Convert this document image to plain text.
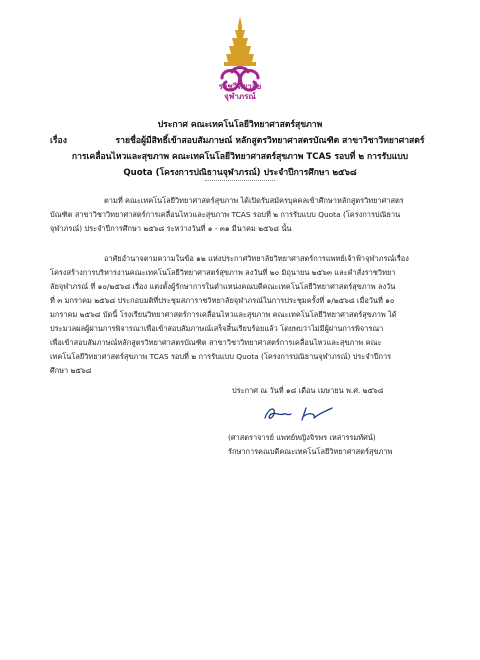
ราชวิทยาลัย
จุฬาภรณ์
ประกาศ คณะเทคโนโลยีวิทยาศาสตร์สุขภาพ
เรื่อง	รายชื่อผู้มีสิทธิ์เข้าสอบสัมภาษณ์ หลักสูตรวิทยาศาสตรบัณฑิต สาขาวิชาวิทยาศาสตร์
การเคลื่อนไหวและสุขภาพ คณะเทคโนโลยีวิทยาศาสตร์สุขภาพ TCAS รอบที่ ๒ การรับแบบ
Quota (โครงการปณิธานจุฬาภรณ์) ประจำปีการศึกษา ๒๕๖๘
ตามที่ คณะเทคโนโลยีวิทยาศาสตร์สุขภาพ ได้เปิดรับสมัครบุคคลเข้าศึกษาหลักสูตรวิทยาศาสตร
บัณฑิต สาขาวิชาวิทยาศาสตร์การเคลื่อนไหวและสุขภาพ TCAS รอบที่ ๒ การรับแบบ Quota (โครงการปณิธาน
จุฬาภรณ์) ประจำปีการศึกษา ๒๕๖๘ ระหว่างวันที่ ๑ - ๓๑ มีนาคม ๒๕๖๘ นั้น
อาศัยอำนาจตามความในข้อ ๑๒ แห่งประกาศวิทยาลัยวิทยาศาสตร์การแพทย์เจ้าฟ้าจุฬาภรณ์เรื่อง
โครงสร้างการบริหารงานคณะเทคโนโลยีวิทยาศาสตร์สุขภาพ ลงวันที่ ๒๐ มิถุนายน ๒๕๖๓ และคำสั่งราชวิทยา
ลัยจุฬาภรณ์ ที่ ๑๐/๒๕๖๘ เรื่อง แต่งตั้งผู้รักษาการในตำแหน่งคณบดีคณะเทคโนโลยีวิทยาศาสตร์สุขภาพ ลงวัน
ที่ ๓ มกราคม ๒๕๖๘ ประกอบมติที่ประชุมสภาราชวิทยาลัยจุฬาภรณ์ในการประชุมครั้งที่ ๑/๒๕๖๘ เมื่อวันที่ ๑๐
มกราคม ๒๕๖๘ บัดนี้ โรงเรียนวิทยาศาสตร์การเคลื่อนไหวและสุขภาพ คณะเทคโนโลยีวิทยาศาสตร์สุขภาพ ได้
ประมวลผลผู้ผ่านการพิจารณาเพื่อเข้าสอบสัมภาษณ์เสร็จสิ้นเรียบร้อยแล้ว โดยพบว่าไม่มีผู้ผ่านการพิจารณา
เพื่อเข้าสอบสัมภาษณ์หลักสูตรวิทยาศาสตรบัณฑิต สาขาวิชาวิทยาศาสตร์การเคลื่อนไหวและสุขภาพ คณะ
เทคโนโลยีวิทยาศาสตร์สุขภาพ TCAS รอบที่ ๒ การรับแบบ Quota (โครงการปณิธานจุฬาภรณ์) ประจำปีการ
ศึกษา ๒๕๖๘
ประกาศ ณ วันที่ ๑๘ เดือน เมษายน พ.ศ. ๒๕๖๘
(ศาสตราจารย์ แพทย์หญิงจิรพร เหล่ารรมทัศน์)
รักษาการคณบดีคณะเทคโนโลยีวิทยาศาสตร์สุขภาพ
